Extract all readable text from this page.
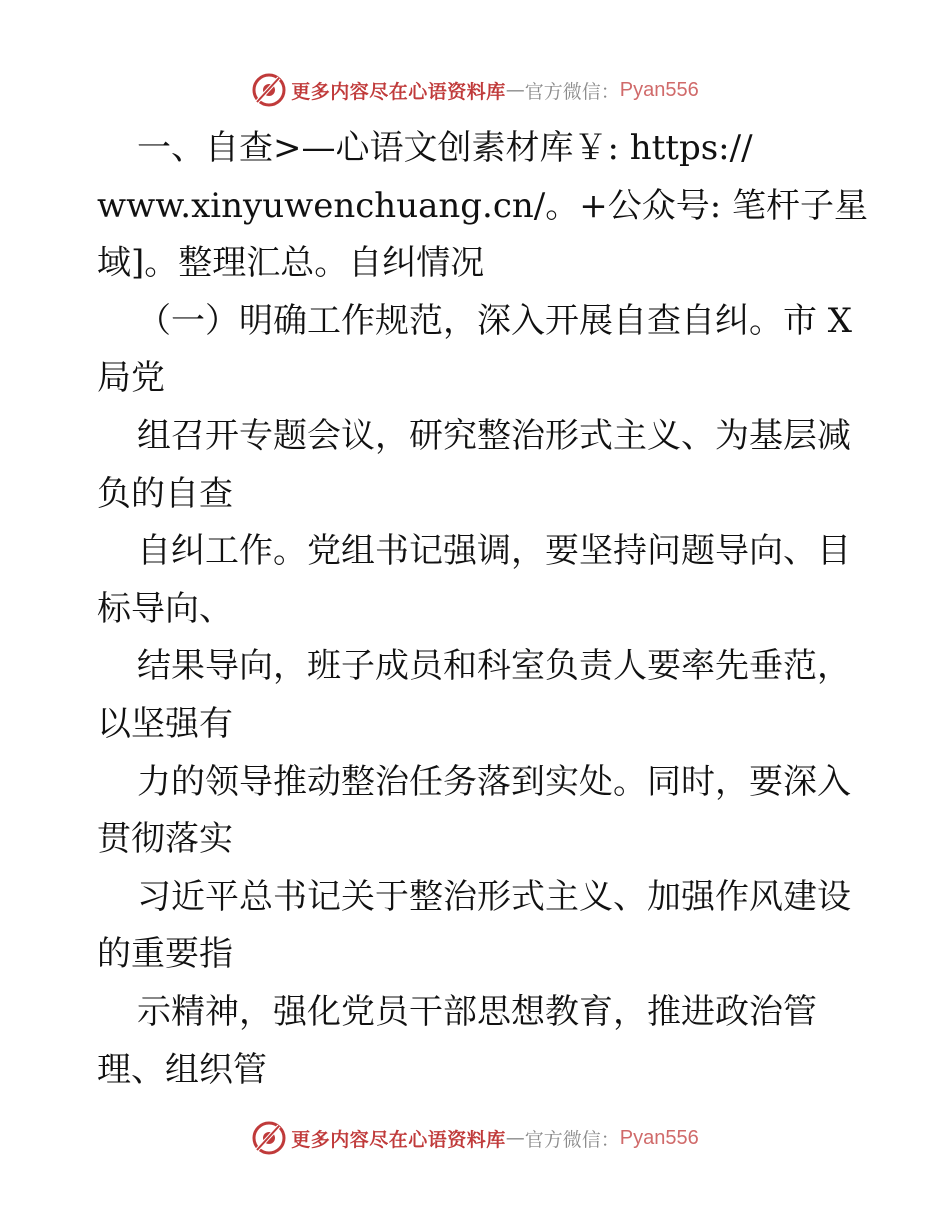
更多内容尽在心语资料库 — 官方微信： Pyan556
一、自查>—心语文创素材库￥: https://
www.xinyuwenchuang.cn/。+公众号: 笔杆子星
域]。整理汇总。自纠情况
（一）明确工作规范，深入开展自查自纠。市 X
局党
组召开专题会议，研究整治形式主义、为基层减
负的自查
自纠工作。党组书记强调，要坚持问题导向、目
标导向、
结果导向，班子成员和科室负责人要率先垂范，
以坚强有
力的领导推动整治任务落到实处。同时，要深入
贯彻落实
习近平总书记关于整治形式主义、加强作风建设
的重要指
示精神，强化党员干部思想教育，推进政治管
理、组织管
更多内容尽在心语资料库 — 官方微信： Pyan556
